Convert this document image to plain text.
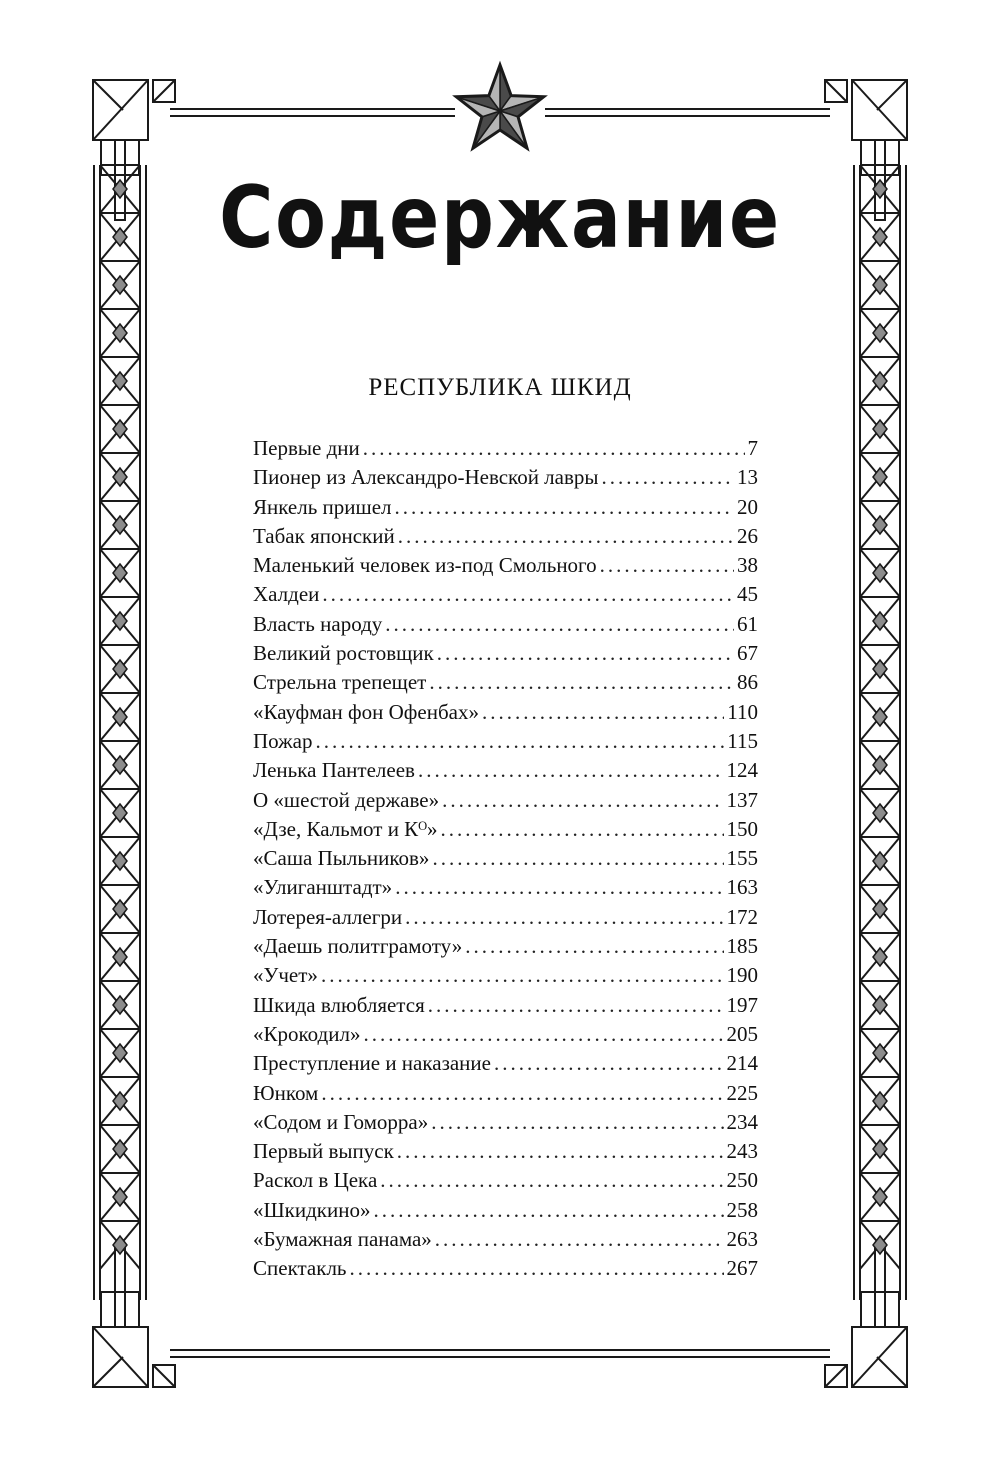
Содержание
РЕСПУБЛИКА ШКИД
Первые дни .....	7
Пионер из Александро-Невской лавры .....	13
Янкель пришел .....	20
Табак японский .....	26
Маленький человек из-под Смольного .....	38
Халдеи .....	45
Власть народу .....	61
Великий ростовщик .....	67
Стрельна трепещет .....	86
«Кауфман фон Офенбах» .....	110
Пожар .....	115
Ленька Пантелеев .....	124
О «шестой державе» .....	137
«Дзе, Кальмот и Кᴼ» .....	150
«Саша Пыльников» .....	155
«Улиганштадт» .....	163
Лотерея-аллегри .....	172
«Даешь политграмоту» .....	185
«Учет» .....	190
Шкида влюбляется .....	197
«Крокодил» .....	205
Преступление и наказание .....	214
Юнком .....	225
«Содом и Гоморра» .....	234
Первый выпуск .....	243
Раскол в Цека .....	250
«Шкидкино» .....	258
«Бумажная панама» .....	263
Спектакль .....	267
